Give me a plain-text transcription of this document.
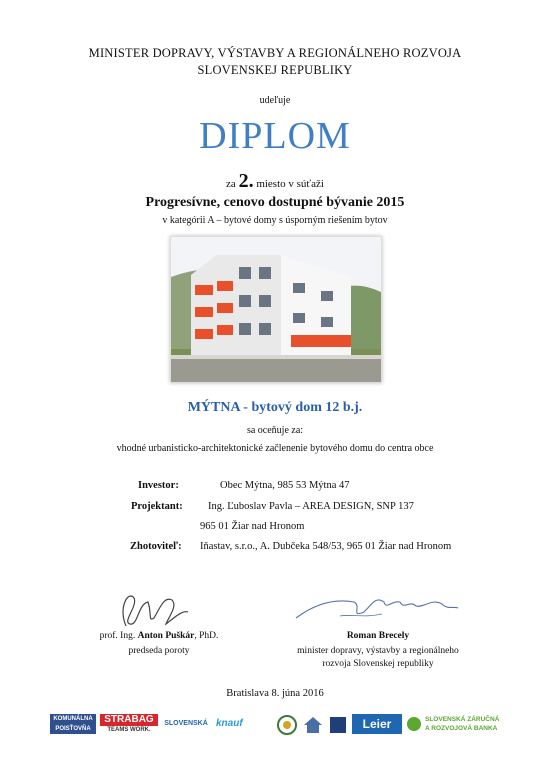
MINISTER DOPRAVY, VÝSTAVBY A REGIONÁLNEHO ROZVOJA
SLOVENSKEJ REPUBLIKY
udeľuje
DIPLOM
za 2. miesto v súťaži
Progresívne, cenovo dostupné bývanie 2015
v kategórii A – bytové domy s úsporným riešením bytov
MÝTNA - bytový dom 12 b.j.
sa oceňuje za:
vhodné urbanisticko-architektonické začlenenie bytového domu do centra obce
Investor:	Obec Mýtna, 985 53 Mýtna 47
Projektant: Ing. Ľuboslav Pavla – AREA DESIGN, SNP 137
965 01 Žiar nad Hronom
Zhotoviteľ: Iňastav, s.r.o., A. Dubčeka 548/53, 965 01 Žiar nad Hronom
prof. Ing. Anton Puškár, PhD.
predseda poroty
Roman Brecely
minister dopravy, výstavby a regionálneho
rozvoja Slovenskej republiky
Bratislava 8. júna 2016
KOMUNÁLNA POISŤOVŇA
STRABAG
TEAMS WORK.
SLOVENSKÁ knauf	Leier	SLOVENSKÁ ZÁRUČNÁ
A ROZVOJOVÁ BANKA
